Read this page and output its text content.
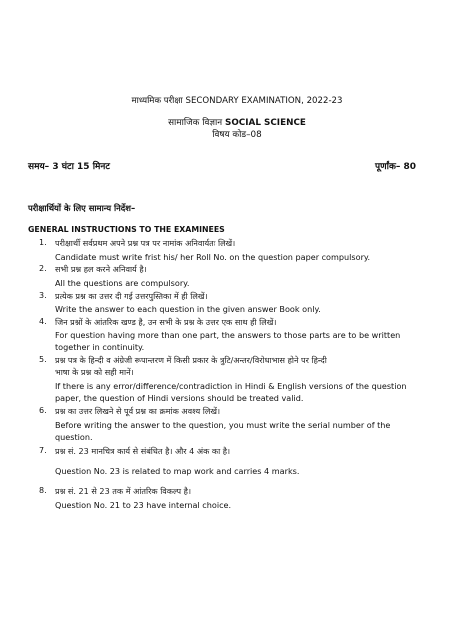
माध्यमिक परीक्षा SECONDARY EXAMINATION, 2022-23
सामाजिक विज्ञान SOCIAL SCIENCE
विषय कोड–08
समय– 3 घंटा 15 मिनट	पूर्णांक– 80
परीक्षार्थियों के लिए सामान्य निर्देश–
GENERAL INSTRUCTIONS TO THE EXAMINEES
1. परीक्षार्थी सर्वप्रथम अपने प्रश्न पत्र पर नामांक अनिवार्यतः लिखें।
Candidate must write frist his/ her Roll No. on the question paper compulsory.
2. सभी प्रश्न हल करने अनिवार्य है।
All the questions are compulsory.
3. प्रत्येक प्रश्न का उत्तर दी गई उत्तरपुस्तिका में ही लिखें।
Write the answer to each question in the given answer Book only.
4. जिन प्रश्नों के आंतरिक खण्ड है, उन सभी के प्रश्न के उत्तर एक साथ ही लिखें।
For question having more than one part, the answers to those parts are to be written
together in continuity.
5. प्रश्न पत्र के हिन्दी व अंग्रेजी रूपान्तरण में किसी प्रकार के त्रुटि/अन्तर/विरोधाभास होने पर हिन्दी
भाषा के प्रश्न को सही मानें।
If there is any error/difference/contradiction in Hindi & English versions of the question
paper, the question of Hindi versions should be treated valid.
6. प्रश्न का उत्तर लिखने से पूर्व प्रश्न का क्रमांक अवश्य लिखें।
Before writing the answer to the question, you must write the serial number of the
question.
7. प्रश्न सं. 23 मानचित्र कार्य से संबंधित है। और 4 अंक का है।
Question No. 23 is related to map work and carries 4 marks.
8. प्रश्न सं. 21 से 23 तक में आंतरिक विकल्प है।
Question No. 21 to 23 have internal choice.
